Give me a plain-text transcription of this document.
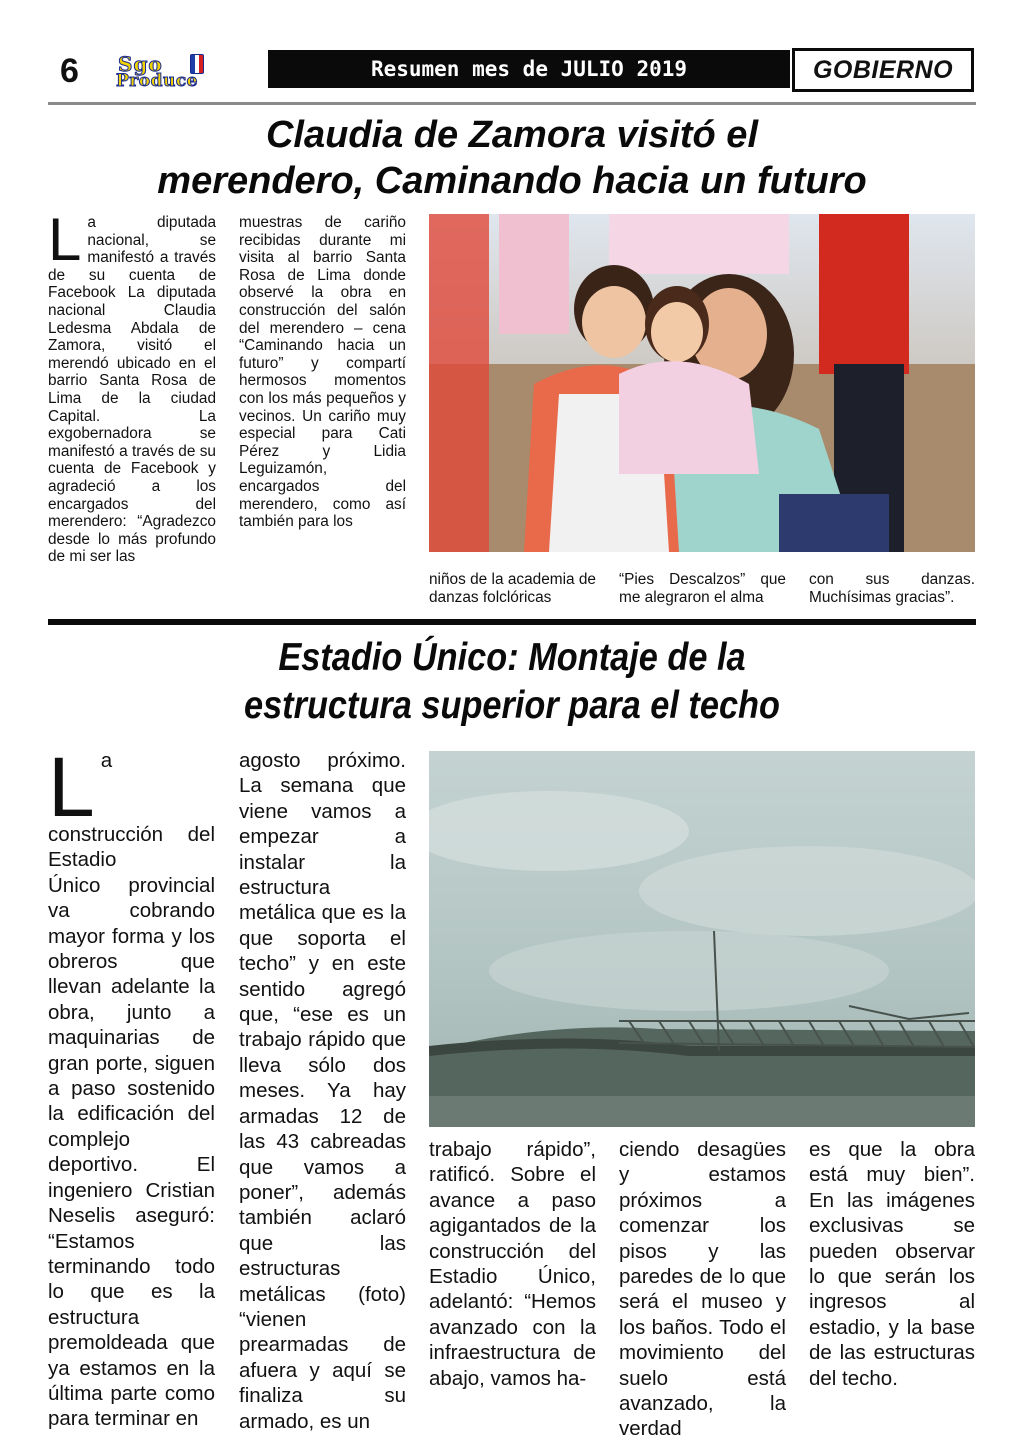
6 Sgo
Produce	Resumen mes de JULIO 2019	GOBIERNO
Claudia de Zamora visitó el
merendero, Caminando hacia un futuro
L a diputada nacional, se manifestó a través de su cuenta de Facebook La diputada nacional Claudia Ledesma Abdala de Zamora, visitó el merendó ubicado en el barrio Santa Rosa de Lima de la ciudad Capital. La exgobernadora se manifestó a través de su cuenta de Facebook y agradeció a los encargados del merendero: “Agradezco desde lo más profundo de mi ser las

muestras de cariño recibidas durante mi visita al barrio Santa Rosa de Lima donde observé la obra en construcción del salón del merendero – cena “Caminando hacia un futuro” y compartí hermosos momentos con los más pequeños y vecinos. Un cariño muy especial para Cati Pérez y Lidia Leguizamón, encargados del merendero, como así también para los

niños de la academia de danzas folclóricas

“Pies Descalzos” que me alegraron el alma

con sus danzas. Muchísimas gracias”.

Estadio Único: Montaje de la
estructura superior para el techo
L a construcción del Estadio

Único provincial va cobrando mayor forma y los obreros que llevan adelante la obra, junto a maquinarias de gran porte, siguen a paso sostenido la edificación del complejo deportivo. El ingeniero Cristian Neselis aseguró: “Estamos terminando todo lo que es la estructura premoldeada que ya estamos en la última parte como para terminar en

agosto próximo. La semana que viene vamos a empezar a instalar la estructura metálica que es la que soporta el techo” y en este sentido agregó que, “ese es un trabajo rápido que lleva sólo dos meses. Ya hay armadas 12 de las 43 cabreadas que vamos a poner”, además también aclaró que las estructuras metálicas (foto) “vienen prearmadas de afuera y aquí se finaliza su armado, es un

trabajo rápido”, ratificó. Sobre el avance a paso agigantados de la construcción del Estadio Único, adelantó: “Hemos avanzado con la infraestructura de abajo, vamos ha-

ciendo desagües y estamos próximos a comenzar los pisos y las paredes de lo que será el museo y los baños. Todo el movimiento del suelo está avanzado, la verdad

es que la obra está muy bien”. En las imágenes exclusivas se pueden observar lo que serán los ingresos al estadio, y la base de las estructuras del techo.
